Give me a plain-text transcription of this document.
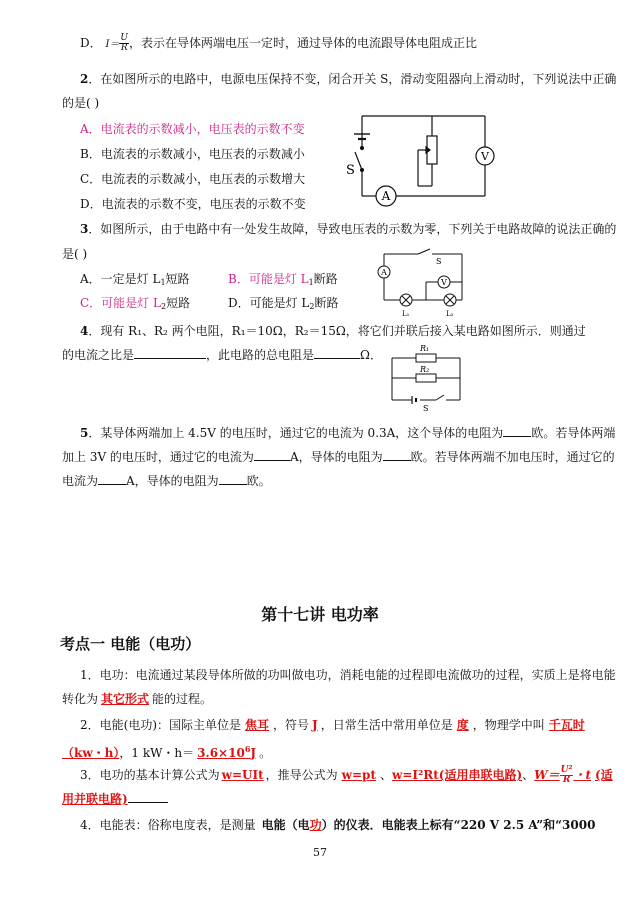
D． $I= \frac{U}{R}$ ，表示在导体两端电压一定时，通过导体的电流跟导体电阻成正比
2．在如图所示的电路中，电源电压保持不变，闭合开关 S，滑动变阻器向上滑动时，下列说法中正确
的是( )
A．电流表的示数减小，电压表的示数不变
B．电流表的示数减小，电压表的示数减小
C．电流表的示数减小，电压表的示数增大
D．电流表的示数不变，电压表的示数不变
A
V
S
3．如图所示，由于电路中有一处发生故障，导致电压表的示数为零，下列关于电路故障的说法正确的
是( )
A．一定是灯 $L_1$短路	B．可能是灯 $L_1$断路
C．可能是灯 $L_2$短路	D．可能是灯 $L_2$断路
A
V
S
L₁	L₂
4．现有 R₁、R₂ 两个电阻，R₁＝10Ω，R₂＝15Ω，将它们并联后接入某电路如图所示．则通过
的电流之比是	，此电路的总电阻是	Ω．	R₁
R₂
S
5．某导体两端加上 4.5V 的电压时，通过它的电流为 0.3A，这个导体的电阻为 欧。若导体两端
加上 3V 的电压时，通过它的电流为	A，导体的电阻为 欧。若导体两端不加电压时，通过它的
电流为 A，导体的电阻为 欧。
第十七讲 电功率
考点一 电能（电功）
1．电功：电流通过某段导体所做的功叫做电功，消耗电能的过程即电流做功的过程，实质上是将电能
转化为 其它形式 能的过程。
2．电能(电功)：国际主单位是 焦耳 ，符号 J ，日常生活中常用单位是 度 ，物理学中叫 千瓦时
（kw・h），1 kW・$h= 3.6\times 10^6J$ 。
3．电功的基本计算公式为 w=UIt ，推导公式为 w=pt 、w=I²Rt(适用串联电路)、$W= \frac{\text{U²}}{R}$ ・t (适
用并联电路)
4．电能表：俗称电度表，是测量 电能（电功）的仪表．电能表上标有“220 V 2.5 A”和“3000
57
